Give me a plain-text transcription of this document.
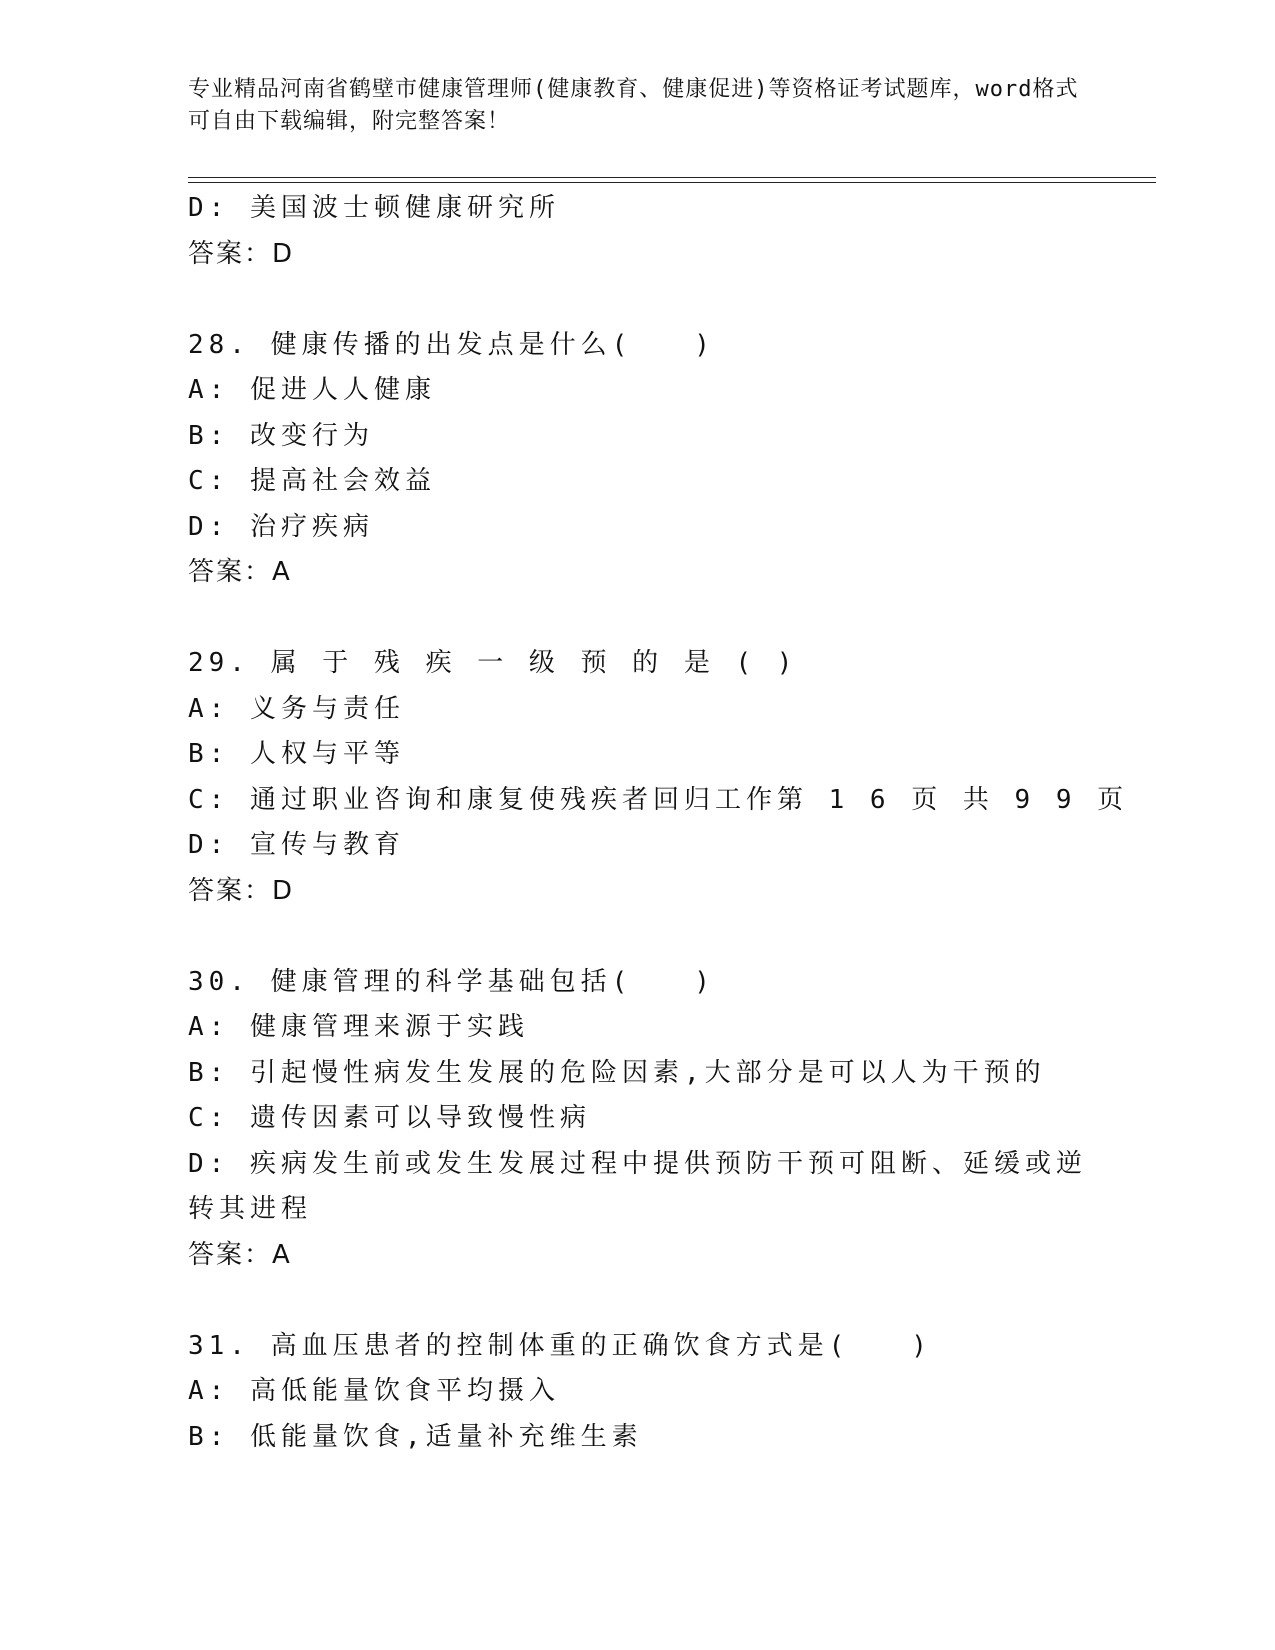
专业精品河南省鹤壁市健康管理师(健康教育、健康促进)等资格证考试题库，word格式可自由下载编辑，附完整答案！
D: 美国波士顿健康研究所
答案：D
28. 健康传播的出发点是什么(　　)
A: 促进人人健康
B: 改变行为
C: 提高社会效益
D: 治疗疾病
答案：A
29. 属 于 残 疾 一 级 预 的 是 ( )
A: 义务与责任
B: 人权与平等
C: 通过职业咨询和康复使残疾者回归工作第 1 6 页 共 9 9 页
D: 宣传与教育
答案：D
30. 健康管理的科学基础包括(　　)
A: 健康管理来源于实践
B: 引起慢性病发生发展的危险因素,大部分是可以人为干预的
C: 遗传因素可以导致慢性病
D: 疾病发生前或发生发展过程中提供预防干预可阻断、延缓或逆转其进程
答案：A
31. 高血压患者的控制体重的正确饮食方式是(　　)
A: 高低能量饮食平均摄入
B: 低能量饮食,适量补充维生素
